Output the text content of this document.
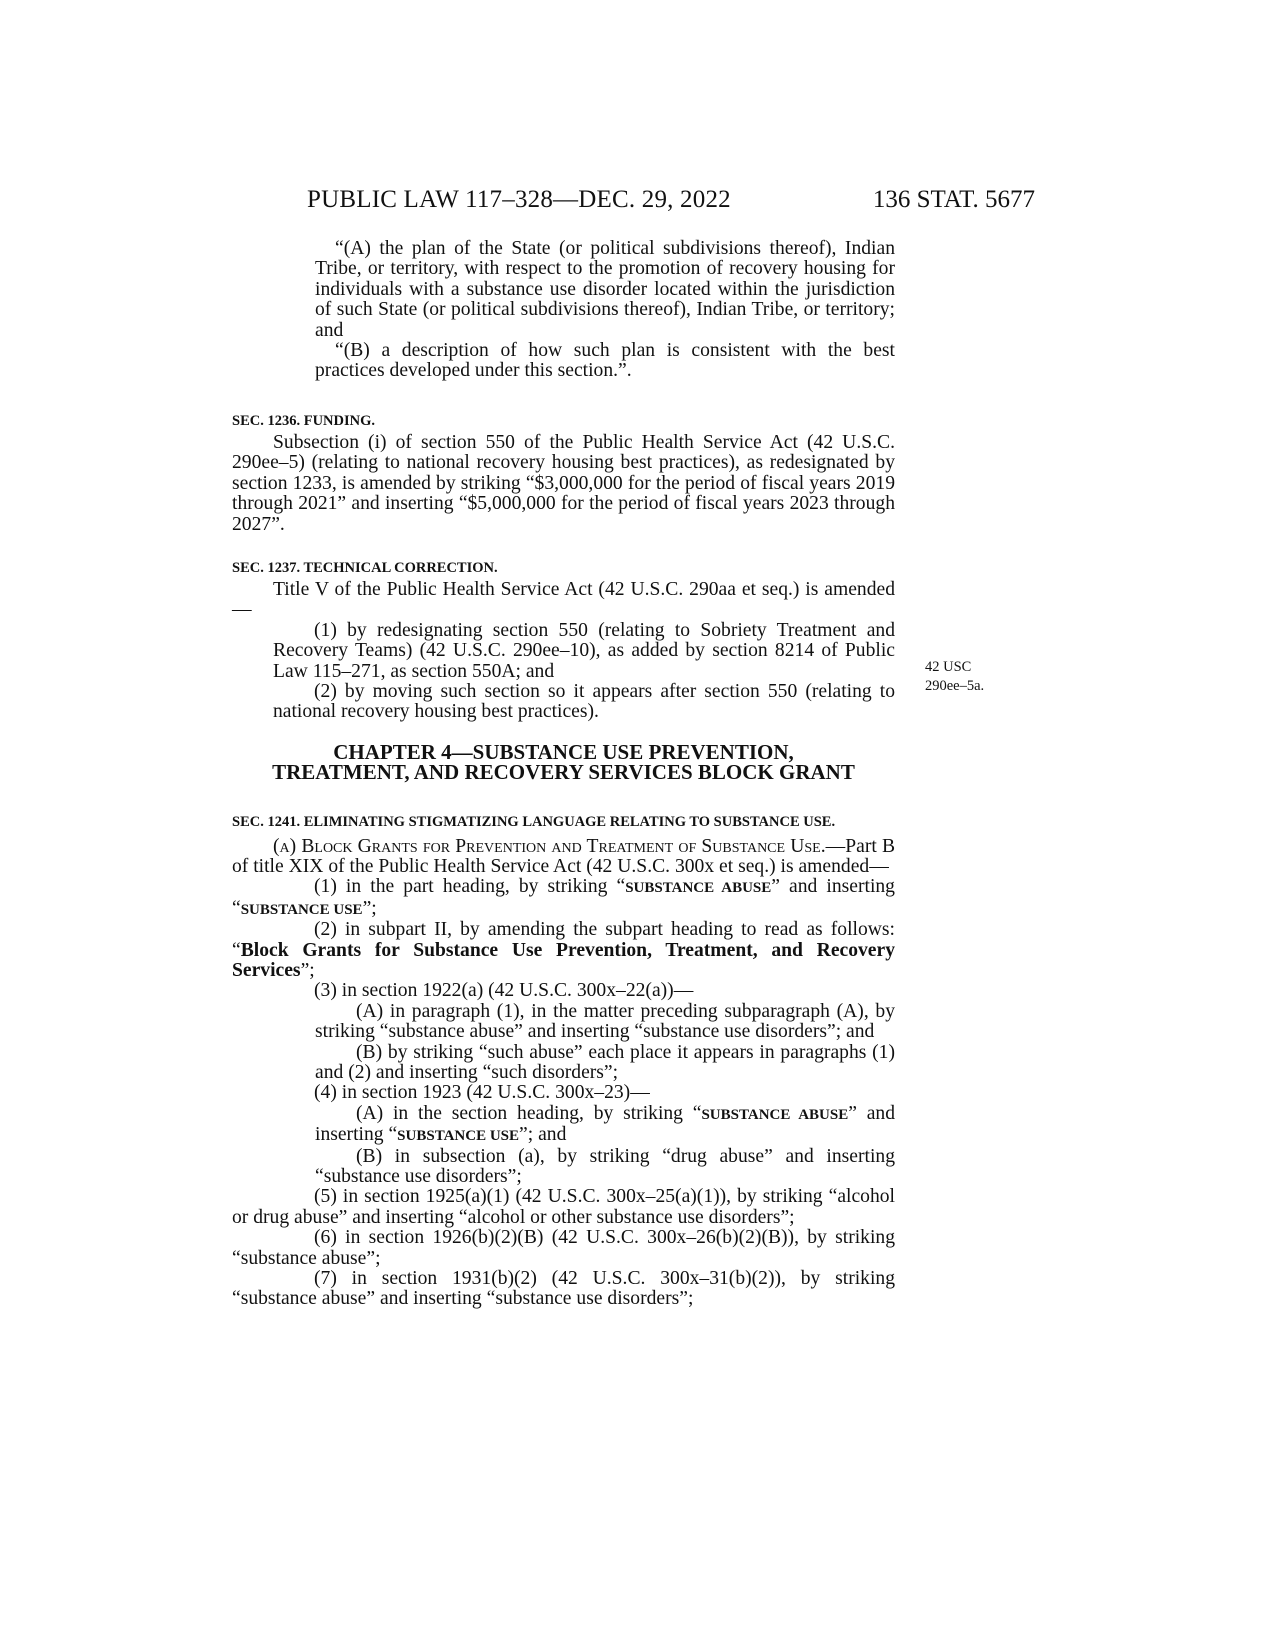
PUBLIC LAW 117–328—DEC. 29, 2022	136 STAT. 5677

“(A) the plan of the State (or political subdivisions thereof), Indian Tribe, or territory, with respect to the promotion of recovery housing for individuals with a substance use disorder located within the jurisdiction of such State (or political subdivisions thereof), Indian Tribe, or territory; and

“(B) a description of how such plan is consistent with the best practices developed under this section.”.

SEC. 1236. FUNDING.

Subsection (i) of section 550 of the Public Health Service Act (42 U.S.C. 290ee–5) (relating to national recovery housing best practices), as redesignated by section 1233, is amended by striking “$3,000,000 for the period of fiscal years 2019 through 2021” and inserting “$5,000,000 for the period of fiscal years 2023 through 2027”.

SEC. 1237. TECHNICAL CORRECTION.

Title V of the Public Health Service Act (42 U.S.C. 290aa et seq.) is amended—

(1) by redesignating section 550 (relating to Sobriety Treatment and Recovery Teams) (42 U.S.C. 290ee–10), as added by section 8214 of Public Law 115–271, as section 550A; and

(2) by moving such section so it appears after section 550 (relating to national recovery housing best practices).

42 USC
290ee–5a.
CHAPTER 4—SUBSTANCE USE PREVENTION,
TREATMENT, AND RECOVERY SERVICES BLOCK GRANT
SEC. 1241. ELIMINATING STIGMATIZING LANGUAGE RELATING TO SUBSTANCE USE.

(a) Block Grants for Prevention and Treatment of Substance Use.—Part B of title XIX of the Public Health Service Act (42 U.S.C. 300x et seq.) is amended—

(1) in the part heading, by striking “SUBSTANCE ABUSE” and inserting “SUBSTANCE USE”;

(2) in subpart II, by amending the subpart heading to read as follows: “Block Grants for Substance Use Prevention, Treatment, and Recovery Services”;

(3) in section 1922(a) (42 U.S.C. 300x–22(a))—

(A) in paragraph (1), in the matter preceding subparagraph (A), by striking “substance abuse” and inserting “substance use disorders”; and

(B) by striking “such abuse” each place it appears in paragraphs (1) and (2) and inserting “such disorders”;

(4) in section 1923 (42 U.S.C. 300x–23)—

(A) in the section heading, by striking “SUBSTANCE ABUSE” and inserting “SUBSTANCE USE”; and

(B) in subsection (a), by striking “drug abuse” and inserting “substance use disorders”;

(5) in section 1925(a)(1) (42 U.S.C. 300x–25(a)(1)), by striking “alcohol or drug abuse” and inserting “alcohol or other substance use disorders”;

(6) in section 1926(b)(2)(B) (42 U.S.C. 300x–26(b)(2)(B)), by striking “substance abuse”;

(7) in section 1931(b)(2) (42 U.S.C. 300x–31(b)(2)), by striking “substance abuse” and inserting “substance use disorders”;
